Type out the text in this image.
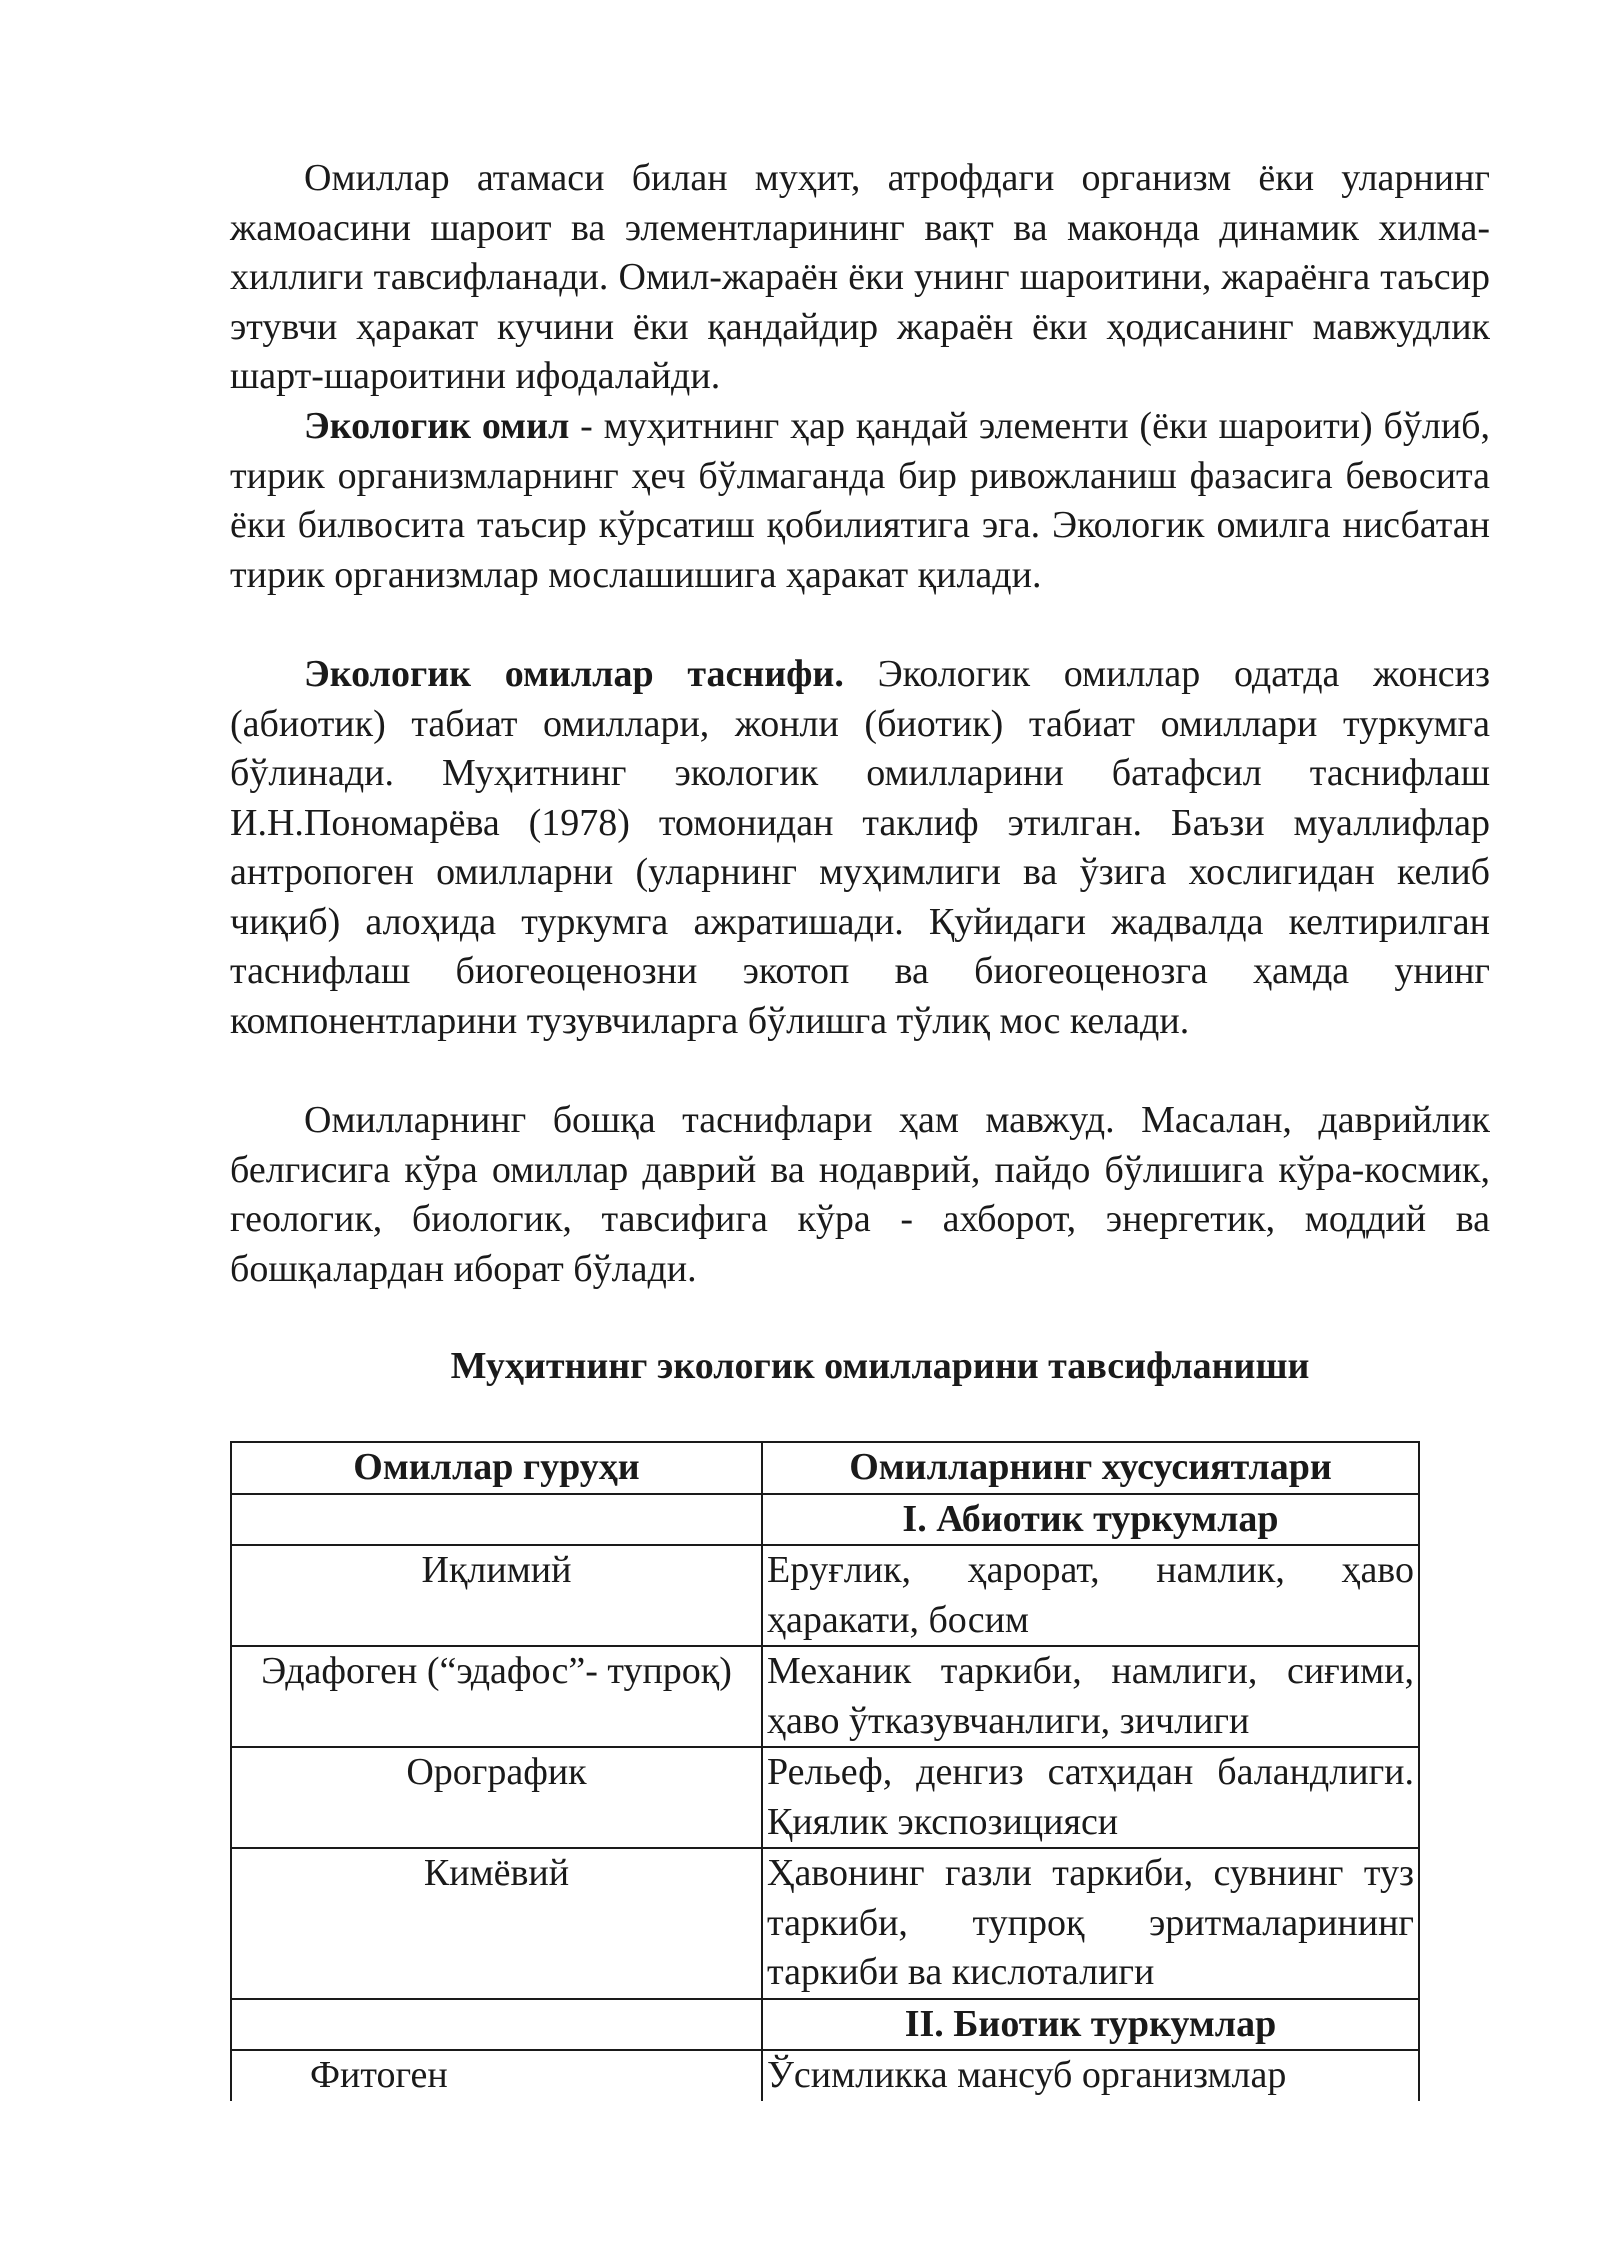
Омиллар атамаси билан муҳит, атрофдаги организм ёки уларнинг жамоасини шароит ва элементларининг вақт ва маконда динамик хилма-хиллиги тавсифланади. Омил-жараён ёки унинг шароитини, жараёнга таъсир этувчи ҳаракат кучини ёки қандайдир жараён ёки ҳодисанинг мавжудлик шарт-шароитини ифодалайди.

Экологик омил - муҳитнинг ҳар қандай элементи (ёки шароити) бўлиб, тирик организмларнинг ҳеч бўлмаганда бир ривожланиш фазасига бевосита ёки билвосита таъсир кўрсатиш қобилиятига эга. Экологик омилга нисбатан тирик организмлар мослашишига ҳаракат қилади.

Экологик омиллар таснифи. Экологик омиллар одатда жонсиз (абиотик) табиат омиллари, жонли (биотик) табиат омиллари туркумга бўлинади. Муҳитнинг экологик омилларини батафсил таснифлаш И.Н.Пономарёва (1978) томонидан таклиф этилган. Баъзи муаллифлар антропоген омилларни (уларнинг муҳимлиги ва ўзига хослигидан келиб чиқиб) алоҳида туркумга ажратишади. Қуйидаги жадвалда келтирилган таснифлаш биогеоценозни экотоп ва биогеоценозга ҳамда унинг компонентларини тузувчиларга бўлишга тўлиқ мос келади.

Омилларнинг бошқа таснифлари ҳам мавжуд. Масалан, даврийлик белгисига кўра омиллар даврий ва нодаврий, пайдо бўлишига кўра-космик, геологик, биологик, тавсифига кўра - ахборот, энергетик, моддий ва бошқалардан иборат бўлади.

Муҳитнинг экологик омилларини тавсифланиши
Омиллар гуруҳи	Омилларнинг хусусиятлари
	I. Абиотик туркумлар
Иқлимий	Ерyғлик, ҳарорат, намлик, ҳаво ҳаракати, босим
Эдафоген (“эдафос”- тупроқ)	Механик таркиби, намлиги, сиғими, ҳаво ўтказувчанлиги, зичлиги
Орографик	Рельеф, денгиз сатҳидан баландлиги. Қиялик экспозицияси
Кимёвий	Ҳавонинг газли таркиби, сувнинг туз таркиби, тупроқ эритмаларининг таркиби ва кислоталиги
	II. Биотик туркумлар
Фитоген	Ўсимликка мансуб организмлар
